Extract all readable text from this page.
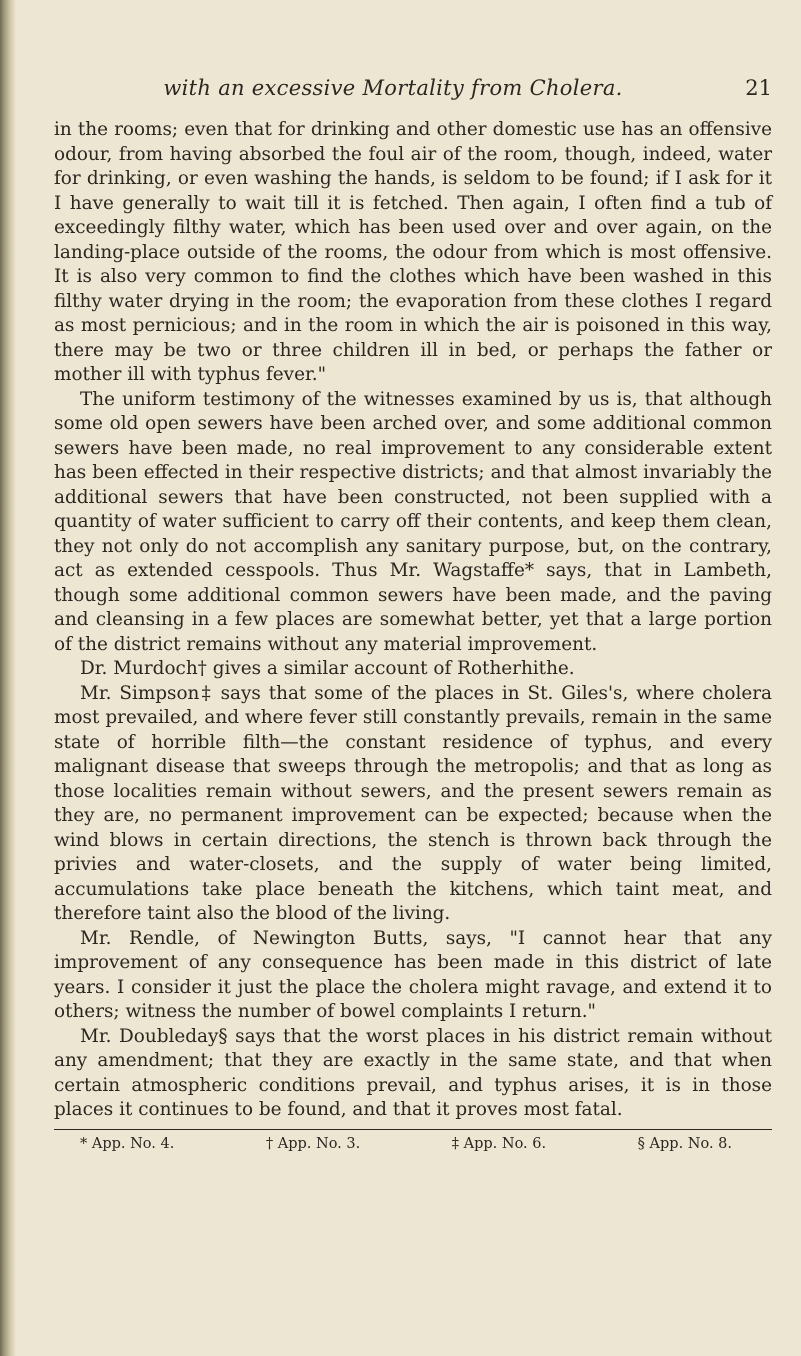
with an excessive Mortality from Cholera.	21

in the rooms; even that for drinking and other domestic use has an offensive odour, from having absorbed the foul air of the room, though, indeed, water for drinking, or even washing the hands, is seldom to be found; if I ask for it I have generally to wait till it is fetched. Then again, I often find a tub of exceedingly filthy water, which has been used over and over again, on the landing-place outside of the rooms, the odour from which is most offensive. It is also very common to find the clothes which have been washed in this filthy water drying in the room; the evaporation from these clothes I regard as most pernicious; and in the room in which the air is poisoned in this way, there may be two or three children ill in bed, or perhaps the father or mother ill with typhus fever."

The uniform testimony of the witnesses examined by us is, that although some old open sewers have been arched over, and some additional common sewers have been made, no real improvement to any considerable extent has been effected in their respective districts; and that almost invariably the additional sewers that have been constructed, not been supplied with a quantity of water sufficient to carry off their contents, and keep them clean, they not only do not accomplish any sanitary purpose, but, on the contrary, act as extended cesspools. Thus Mr. Wagstaffe* says, that in Lambeth, though some additional common sewers have been made, and the paving and cleansing in a few places are somewhat better, yet that a large portion of the district remains without any material improvement.

Dr. Murdoch† gives a similar account of Rotherhithe.

Mr. Simpson‡ says that some of the places in St. Giles's, where cholera most prevailed, and where fever still constantly prevails, remain in the same state of horrible filth—the constant residence of typhus, and every malignant disease that sweeps through the metropolis; and that as long as those localities remain without sewers, and the present sewers remain as they are, no permanent improvement can be expected; because when the wind blows in certain directions, the stench is thrown back through the privies and water-closets, and the supply of water being limited, accumulations take place beneath the kitchens, which taint meat, and therefore taint also the blood of the living.

Mr. Rendle, of Newington Butts, says, "I cannot hear that any improvement of any consequence has been made in this district of late years. I consider it just the place the cholera might ravage, and extend it to others; witness the number of bowel complaints I return."

Mr. Doubleday§ says that the worst places in his district remain without any amendment; that they are exactly in the same state, and that when certain atmospheric conditions prevail, and typhus arises, it is in those places it continues to be found, and that it proves most fatal.

* App. No. 4.	† App. No. 3.	‡ App. No. 6.	§ App. No. 8.
